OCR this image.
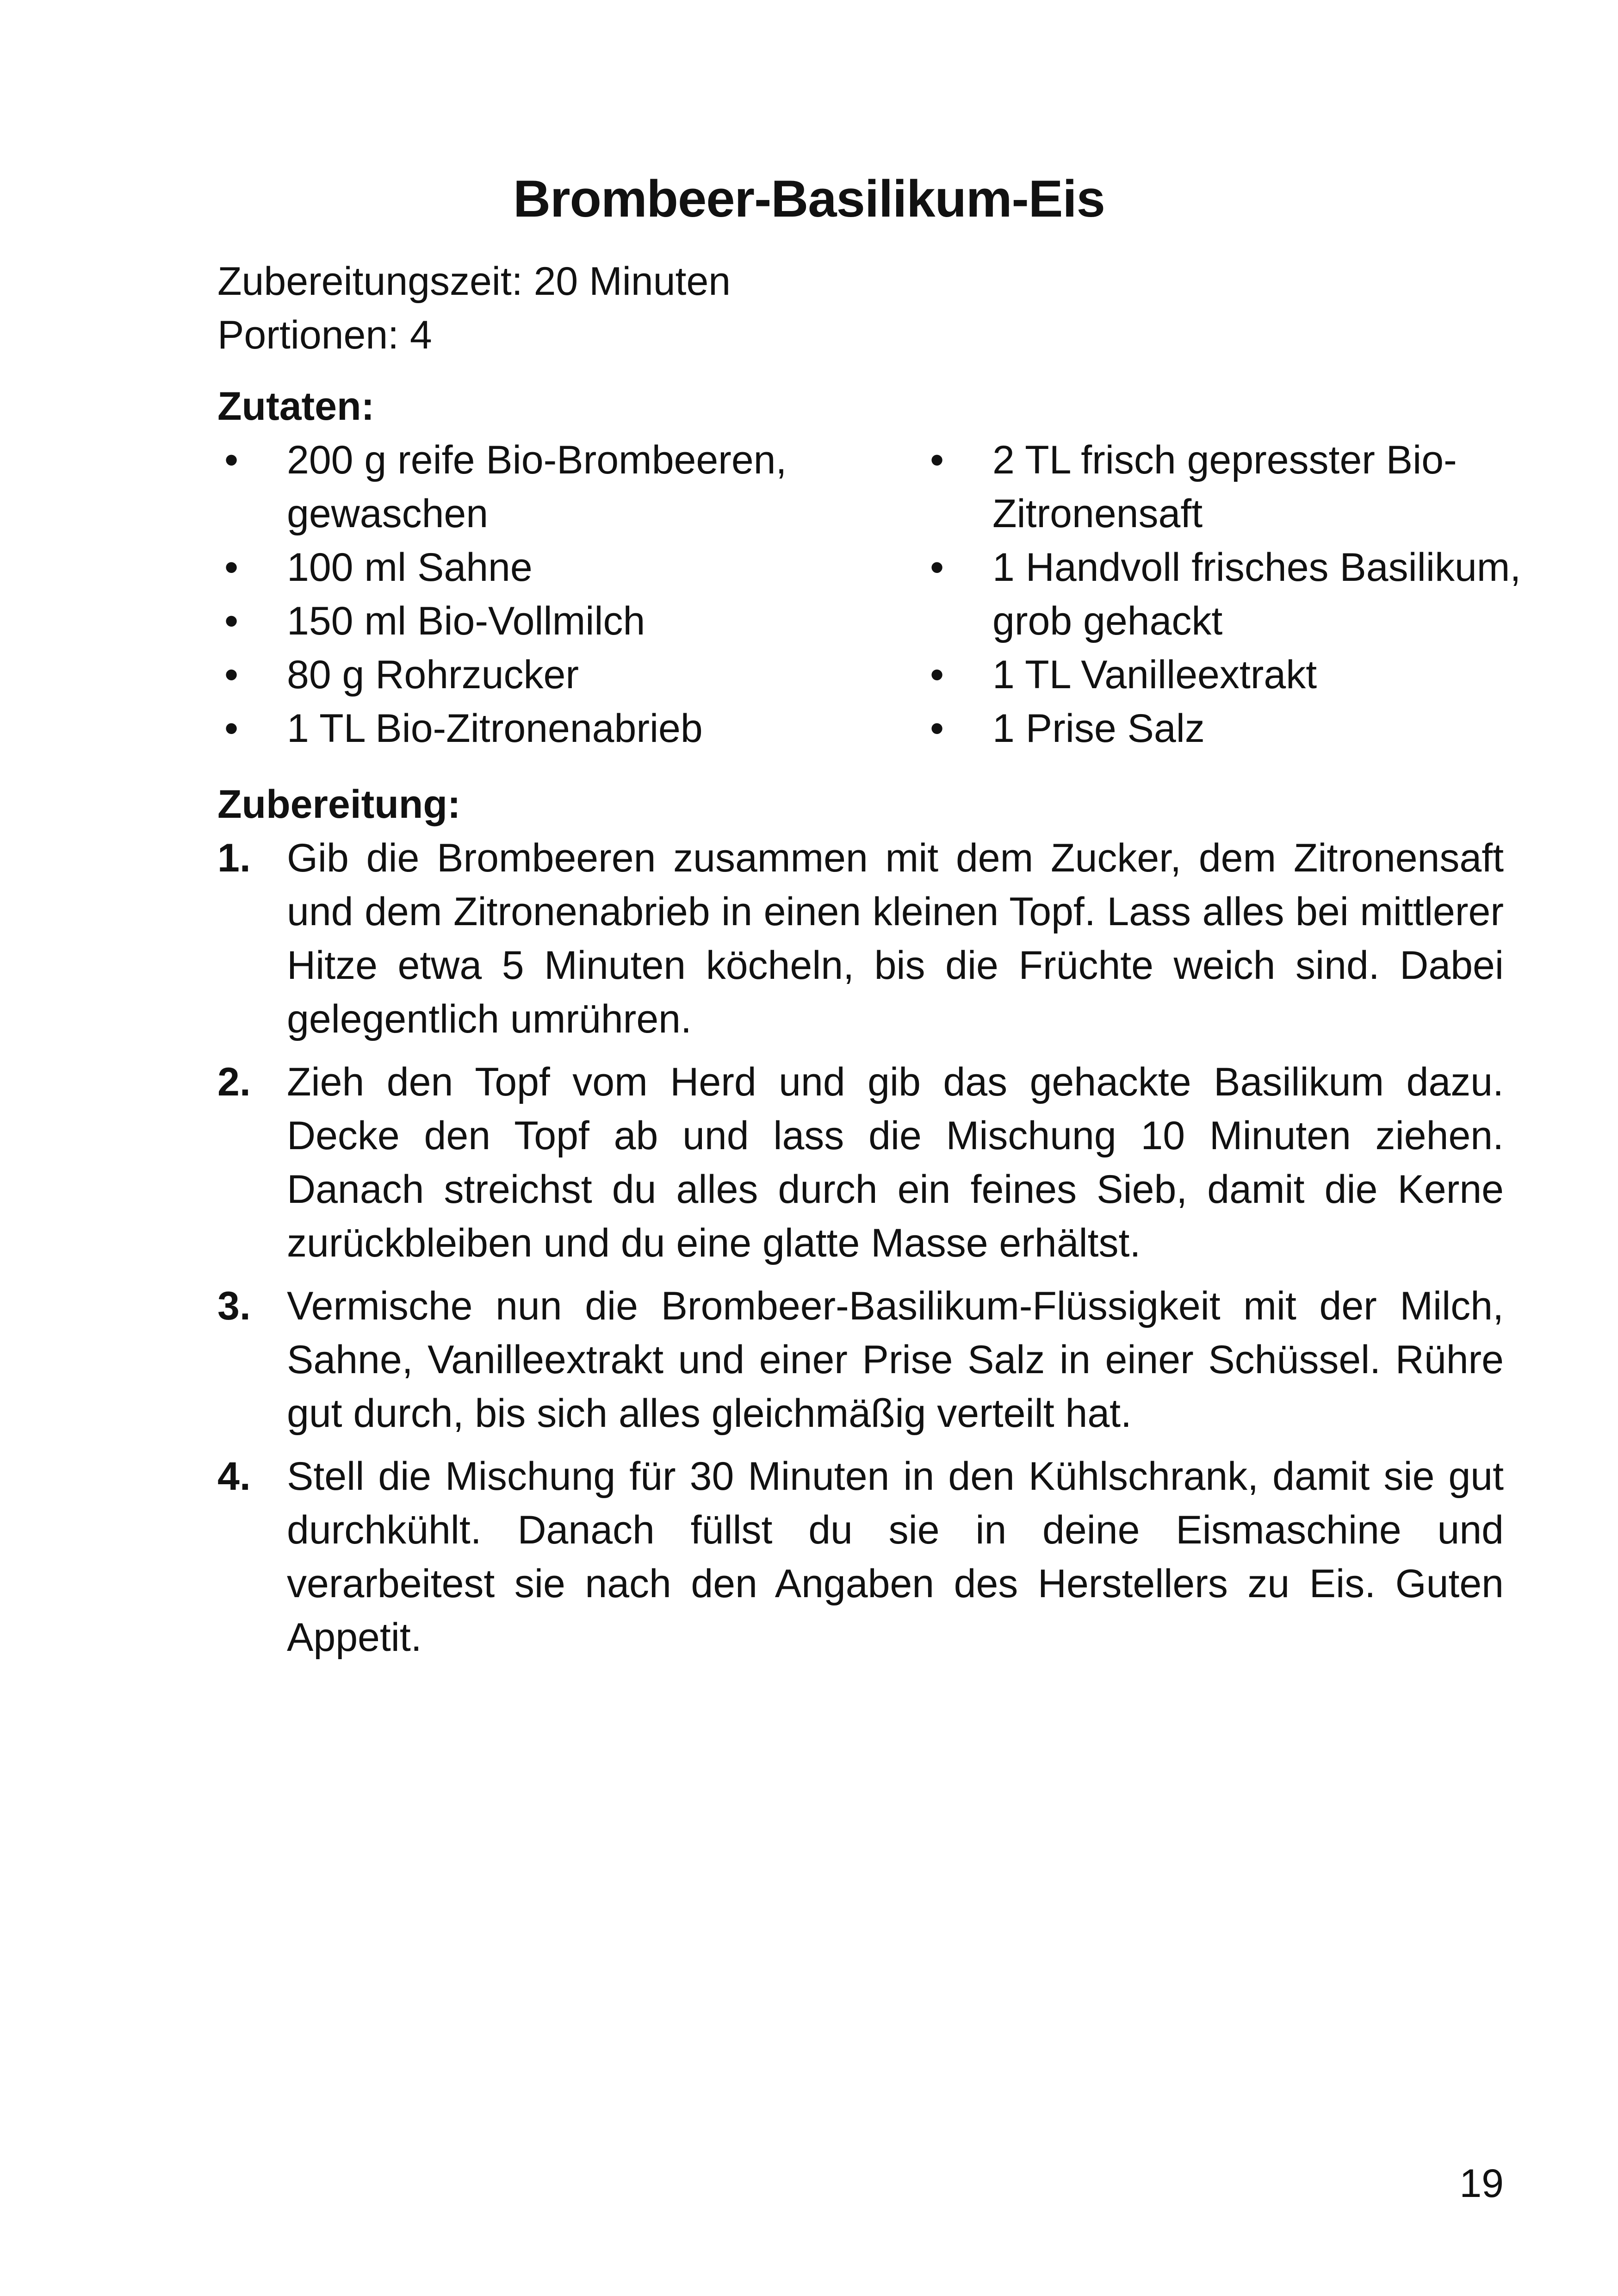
Brombeer-Basilikum-Eis
Zubereitungszeit: 20 Minuten
Portionen: 4
Zutaten:
• 200 g reife Bio-Brombeeren, gewaschen
• 100 ml Sahne
• 150 ml Bio-Vollmilch
• 80 g Rohrzucker
• 1 TL Bio-Zitronenabrieb
• 2 TL frisch gepresster Bio-Zitronensaft
• 1 Handvoll frisches Basilikum, grob gehackt
• 1 TL Vanilleextrakt
• 1 Prise Salz
Zubereitung:
1. Gib die Brombeeren zusammen mit dem Zucker, dem Zitronensaft und dem Zitronenabrieb in einen kleinen Topf. Lass alles bei mittlerer Hitze etwa 5 Minuten köcheln, bis die Früchte weich sind. Dabei gelegentlich umrühren.
2. Zieh den Topf vom Herd und gib das gehackte Basilikum dazu. Decke den Topf ab und lass die Mischung 10 Minuten ziehen. Danach streichst du alles durch ein feines Sieb, damit die Kerne zurückbleiben und du eine glatte Masse erhältst.
3. Vermische nun die Brombeer-Basilikum-Flüssigkeit mit der Milch, Sahne, Vanilleextrakt und einer Prise Salz in einer Schüssel. Rühre gut durch, bis sich alles gleichmäßig verteilt hat.
4. Stell die Mischung für 30 Minuten in den Kühlschrank, damit sie gut durchkühlt. Danach füllst du sie in deine Eismaschine und verarbeitest sie nach den Angaben des Herstellers zu Eis. Guten Appetit.
19
